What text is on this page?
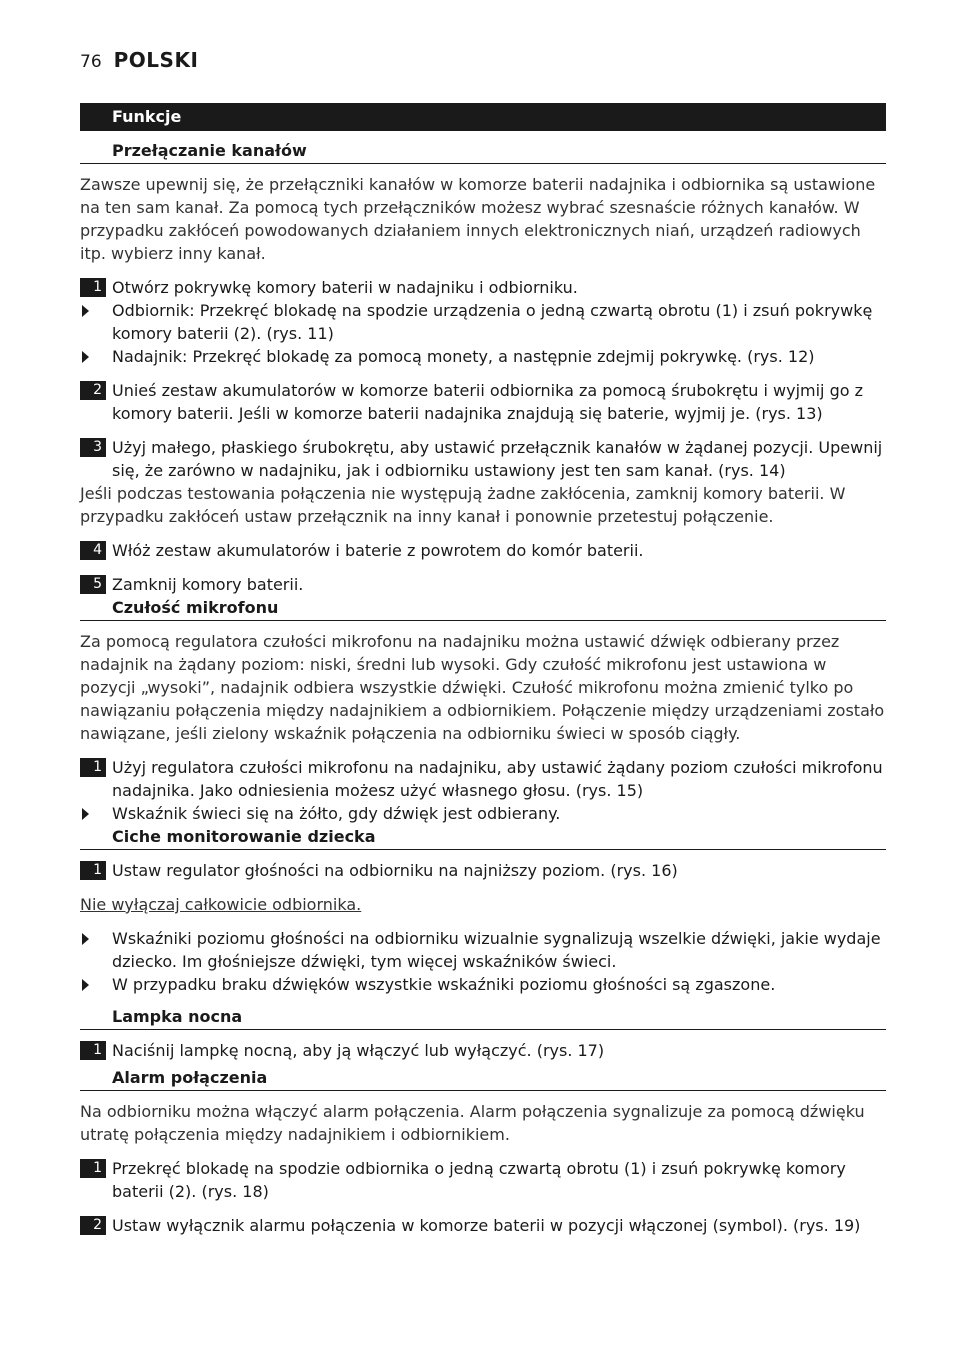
76 POLSKI
Funkcje
Przełączanie kanałów
Zawsze upewnij się, że przełączniki kanałów w komorze baterii nadajnika i odbiornika są ustawione na ten sam kanał. Za pomocą tych przełączników możesz wybrać szesnaście różnych kanałów. W przypadku zakłóceń powodowanych działaniem innych elektronicznych niań, urządzeń radiowych itp. wybierz inny kanał.
1 Otwórz pokrywkę komory baterii w nadajniku i odbiorniku.
Odbiornik: Przekręć blokadę na spodzie urządzenia o jedną czwartą obrotu (1) i zsuń pokrywkę komory baterii (2). (rys. 11)
Nadajnik: Przekręć blokadę za pomocą monety, a następnie zdejmij pokrywkę. (rys. 12)
2 Unieś zestaw akumulatorów w komorze baterii odbiornika za pomocą śrubokrętu i wyjmij go z komory baterii. Jeśli w komorze baterii nadajnika znajdują się baterie, wyjmij je. (rys. 13)
3 Użyj małego, płaskiego śrubokrętu, aby ustawić przełącznik kanałów w żądanej pozycji. Upewnij się, że zarówno w nadajniku, jak i odbiorniku ustawiony jest ten sam kanał. (rys. 14)
Jeśli podczas testowania połączenia nie występują żadne zakłócenia, zamknij komory baterii. W przypadku zakłóceń ustaw przełącznik na inny kanał i ponownie przetestuj połączenie.
4 Włóż zestaw akumulatorów i baterie z powrotem do komór baterii.
5 Zamknij komory baterii.
Czułość mikrofonu
Za pomocą regulatora czułości mikrofonu na nadajniku można ustawić dźwięk odbierany przez nadajnik na żądany poziom: niski, średni lub wysoki. Gdy czułość mikrofonu jest ustawiona w pozycji „wysoki”, nadajnik odbiera wszystkie dźwięki. Czułość mikrofonu można zmienić tylko po nawiązaniu połączenia między nadajnikiem a odbiornikiem. Połączenie między urządzeniami zostało nawiązane, jeśli zielony wskaźnik połączenia na odbiorniku świeci w sposób ciągły.
1 Użyj regulatora czułości mikrofonu na nadajniku, aby ustawić żądany poziom czułości mikrofonu nadajnika. Jako odniesienia możesz użyć własnego głosu. (rys. 15)
Wskaźnik świeci się na żółto, gdy dźwięk jest odbierany.
Ciche monitorowanie dziecka
1 Ustaw regulator głośności na odbiorniku na najniższy poziom. (rys. 16)
Nie wyłączaj całkowicie odbiornika.
Wskaźniki poziomu głośności na odbiorniku wizualnie sygnalizują wszelkie dźwięki, jakie wydaje dziecko. Im głośniejsze dźwięki, tym więcej wskaźników świeci.
W przypadku braku dźwięków wszystkie wskaźniki poziomu głośności są zgaszone.
Lampka nocna
1 Naciśnij lampkę nocną, aby ją włączyć lub wyłączyć. (rys. 17)
Alarm połączenia
Na odbiorniku można włączyć alarm połączenia. Alarm połączenia sygnalizuje za pomocą dźwięku utratę połączenia między nadajnikiem i odbiornikiem.
1 Przekręć blokadę na spodzie odbiornika o jedną czwartą obrotu (1) i zsuń pokrywkę komory baterii (2). (rys. 18)
2 Ustaw wyłącznik alarmu połączenia w komorze baterii w pozycji włączonej (symbol). (rys. 19)
